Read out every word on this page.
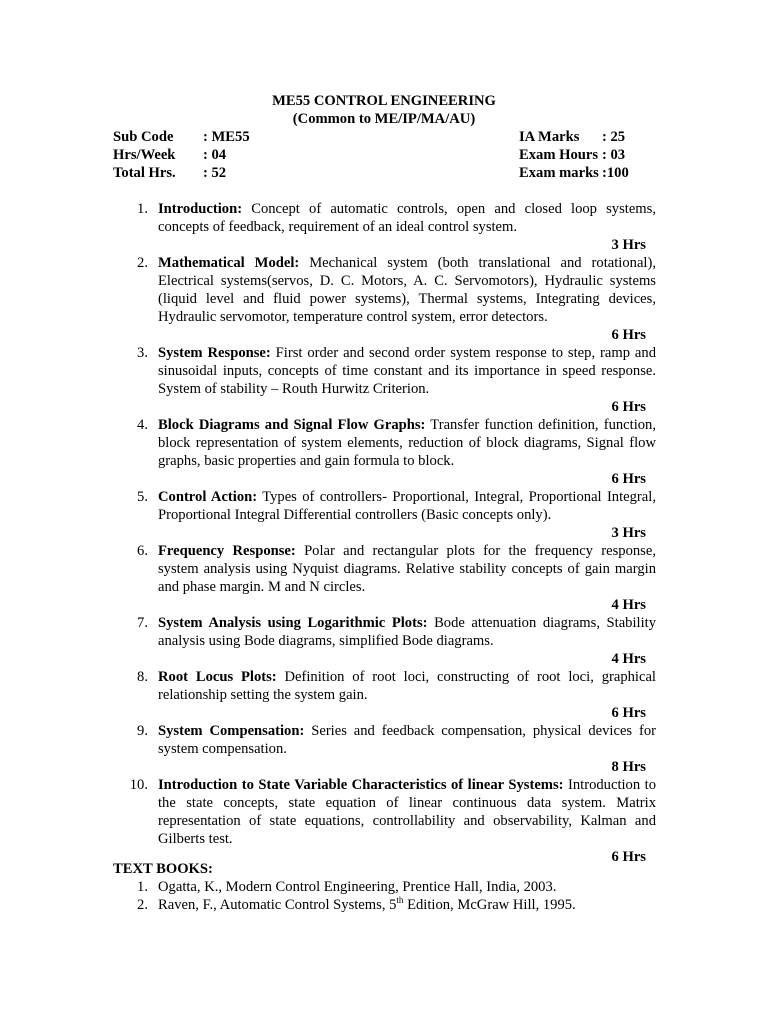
ME55 CONTROL ENGINEERING
(Common to ME/IP/MA/AU)
Sub Code : ME55
Hrs/Week : 04
Total Hrs. : 52
IA Marks : 25
Exam Hours : 03
Exam marks :100
1. Introduction: Concept of automatic controls, open and closed loop systems, concepts of feedback, requirement of an ideal control system.
3 Hrs
2. Mathematical Model: Mechanical system (both translational and rotational), Electrical systems(servos, D. C. Motors, A. C. Servomotors), Hydraulic systems (liquid level and fluid power systems), Thermal systems, Integrating devices, Hydraulic servomotor, temperature control system, error detectors.
6 Hrs
3. System Response: First order and second order system response to step, ramp and sinusoidal inputs, concepts of time constant and its importance in speed response. System of stability – Routh Hurwitz Criterion.
6 Hrs
4. Block Diagrams and Signal Flow Graphs: Transfer function definition, function, block representation of system elements, reduction of block diagrams, Signal flow graphs, basic properties and gain formula to block.
6 Hrs
5. Control Action: Types of controllers- Proportional, Integral, Proportional Integral, Proportional Integral Differential controllers (Basic concepts only).
3 Hrs
6. Frequency Response: Polar and rectangular plots for the frequency response, system analysis using Nyquist diagrams. Relative stability concepts of gain margin and phase margin. M and N circles.
4 Hrs
7. System Analysis using Logarithmic Plots: Bode attenuation diagrams, Stability analysis using Bode diagrams, simplified Bode diagrams.
4 Hrs
8. Root Locus Plots: Definition of root loci, constructing of root loci, graphical relationship setting the system gain.
6 Hrs
9. System Compensation: Series and feedback compensation, physical devices for system compensation.
8 Hrs
10. Introduction to State Variable Characteristics of linear Systems: Introduction to the state concepts, state equation of linear continuous data system. Matrix representation of state equations, controllability and observability, Kalman and Gilberts test.
6 Hrs
TEXT BOOKS:
1. Ogatta, K., Modern Control Engineering, Prentice Hall, India, 2003.
2. Raven, F., Automatic Control Systems, 5th Edition, McGraw Hill, 1995.
